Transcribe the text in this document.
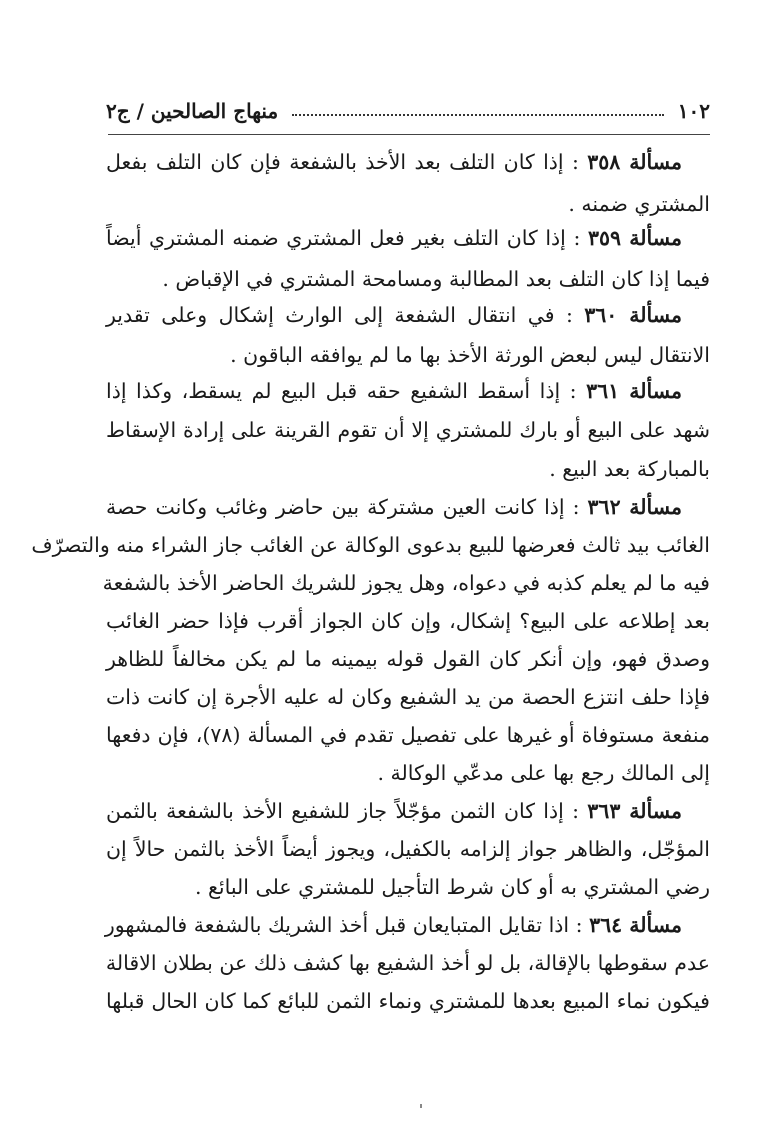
١٠٢
منهاج الصالحين / ج٢
مسألة ٣٥٨ : إذا كان التلف بعد الأخذ بالشفعة فإن كان التلف بفعل
المشتري ضمنه .
مسألة ٣٥٩ : إذا كان التلف بغير فعل المشتري ضمنه المشتري أيضاً
فيما إذا كان التلف بعد المطالبة ومسامحة المشتري في الإقباض .
مسألة ٣٦٠ : في انتقال الشفعة إلى الوارث إشكال وعلى تقدير
الانتقال ليس لبعض الورثة الأخذ بها ما لم يوافقه الباقون .
مسألة ٣٦١ : إذا أسقط الشفيع حقه قبل البيع لم يسقط، وكذا إذا
شهد على البيع أو بارك للمشتري إلا أن تقوم القرينة على إرادة الإسقاط
بالمباركة بعد البيع .
مسألة ٣٦٢ : إذا كانت العين مشتركة بين حاضر وغائب وكانت حصة
الغائب بيد ثالث فعرضها للبيع بدعوى الوكالة عن الغائب جاز الشراء منه والتصرّف
فيه ما لم يعلم كذبه في دعواه، وهل يجوز للشريك الحاضر الأخذ بالشفعة
بعد إطلاعه على البيع؟ إشكال، وإن كان الجواز أقرب فإذا حضر الغائب
وصدق فهو، وإن أنكر كان القول قوله بيمينه ما لم يكن مخالفاً للظاهر
فإذا حلف انتزع الحصة من يد الشفيع وكان له عليه الأجرة إن كانت ذات
منفعة مستوفاة أو غيرها على تفصيل تقدم في المسألة (٧٨)، فإن دفعها
إلى المالك رجع بها على مدعّي الوكالة .
مسألة ٣٦٣ : إذا كان الثمن مؤجّلاً جاز للشفيع الأخذ بالشفعة بالثمن
المؤجّل، والظاهر جواز إلزامه بالكفيل، ويجوز أيضاً الأخذ بالثمن حالاً إن
رضي المشتري به أو كان شرط التأجيل للمشتري على البائع .
مسألة ٣٦٤ : اذا تقايل المتبايعان قبل أخذ الشريك بالشفعة فالمشهور
عدم سقوطها بالإقالة، بل لو أخذ الشفيع بها كشف ذلك عن بطلان الاقالة
فيكون نماء المبيع بعدها للمشتري ونماء الثمن للبائع كما كان الحال قبلها
